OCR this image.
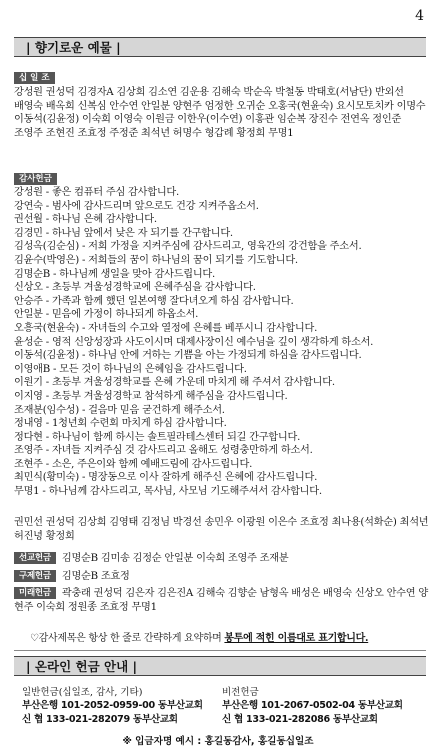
4
| 향기로운 예물 |
십 일 조
강성원 권성덕 김경자A 김상희 김소연 김운용 김해숙 박순옥 박철동 박태호(서남단) 반외선 배영숙 배옥희 신복심 안수연 안일분 양현주 엄정한 오귀순 오홍국(현윤숙) 요시모토치카 이명수 이동석(김윤정) 이숙희 이영숙 이원금 이한우(이수연) 이홍관 임순복 장진수 전연옥 정인준 조영주 조현진 조효정 주정준 최석년 허명수 형갑례 황정희 무명1
감사헌금
강성원 - 좋은 컴퓨터 주심 감사합니다.
강연숙 - 범사에 감사드리며 앞으로도 건강 지켜주옵소서.
권선월 - 하나님 은혜 감사합니다.
김경민 - 하나님 앞에서 낮은 자 되기를 간구합니다.
김성옥(김순심) - 저희 가정을 지켜주심에 감사드리고, 영육간의 강건함을 주소서.
김윤수(박영은) - 저희들의 꿈이 하나님의 꿈이 되기를 기도합니다.
김명순B - 하나님께 생일을 맞아 감사드립니다.
신상오 - 초등부 겨울성경학교에 은혜주심을 감사합니다.
안승주 - 가족과 함께 했던 일본여행 잘다녀오게 하심 감사합니다.
안일분 - 믿음에 가정이 하나되게 하옵소서.
오흥국(현윤숙) - 자녀들의 수고와 열정에 은혜를 베푸시니 감사합니다.
윤성순 - 영적 신앙성장과 사도이시며 대제사장이신 예수님을 깊이 생각하게 하소서.
이동석(김윤정) - 하나님 안에 거하는 기쁨을 아는 가정되게 하심을 감사드립니다.
이영애B - 모든 것이 하나님의 은혜임을 감사드립니다.
이원기 - 초등부 겨울성경학교를 은혜 가운데 마치게 해 주셔서 감사합니다.
이지영 - 초등부 겨울성경학교 참석하게 해주심을 감사드립니다.
조재분(임수성) - 걸음마 믿음 굳건하게 해주소서.
정내영 - 1청년회 수련회 마치게 하심 감사합니다.
정다현 - 하나님이 함께 하시는 솔트필라테스센터 되길 간구합니다.
조영주 - 자녀들 지켜주심 것 감사드리고 올해도 성령충만하게 하소서.
조현주 - 소은, 주은이와 함께 예배드림에 감사드립니다.
최민식(황미숙) - 명장동으로 이사 잘하게 해주신 은혜에 감사드립니다.
무명1 - 하나님께 감사드리고, 목사님, 사모님 기도해주셔서 감사합니다.
권민선 권성덕 김상희 김영태 김정님 박경선 송민우 이광원 이은수 조효정 최나용(석화순) 최석년 허진녕 황정희
선교헌금 김명순B 김미송 김정순 안일분 이숙희 조영주 조재분
구제헌금 김명순B 조효정
미래헌금 곽충래 권성덕 김은자 김은진A 김해숙 김향순 남형옥 배성은 배영숙 신상오 안수연 양현주 이숙희 정원종 조효정 무명1
♡감사제목은 항상 한 줄로 간략하게 요약하며 봉투에 적힌 이름대로 표기합니다.
| 온라인 헌금 안내 |
일반헌금(십일조, 감사, 기타)	비전헌금
부산은행 101-2052-0959-00 동부산교회
신 협 133-021-282079 동부산교회
부산은행 101-2067-0502-04 동부산교회
신 협 133-021-282086 동부산교회
※ 입금자명 예시 : 홍길동감사, 홍길동십일조
